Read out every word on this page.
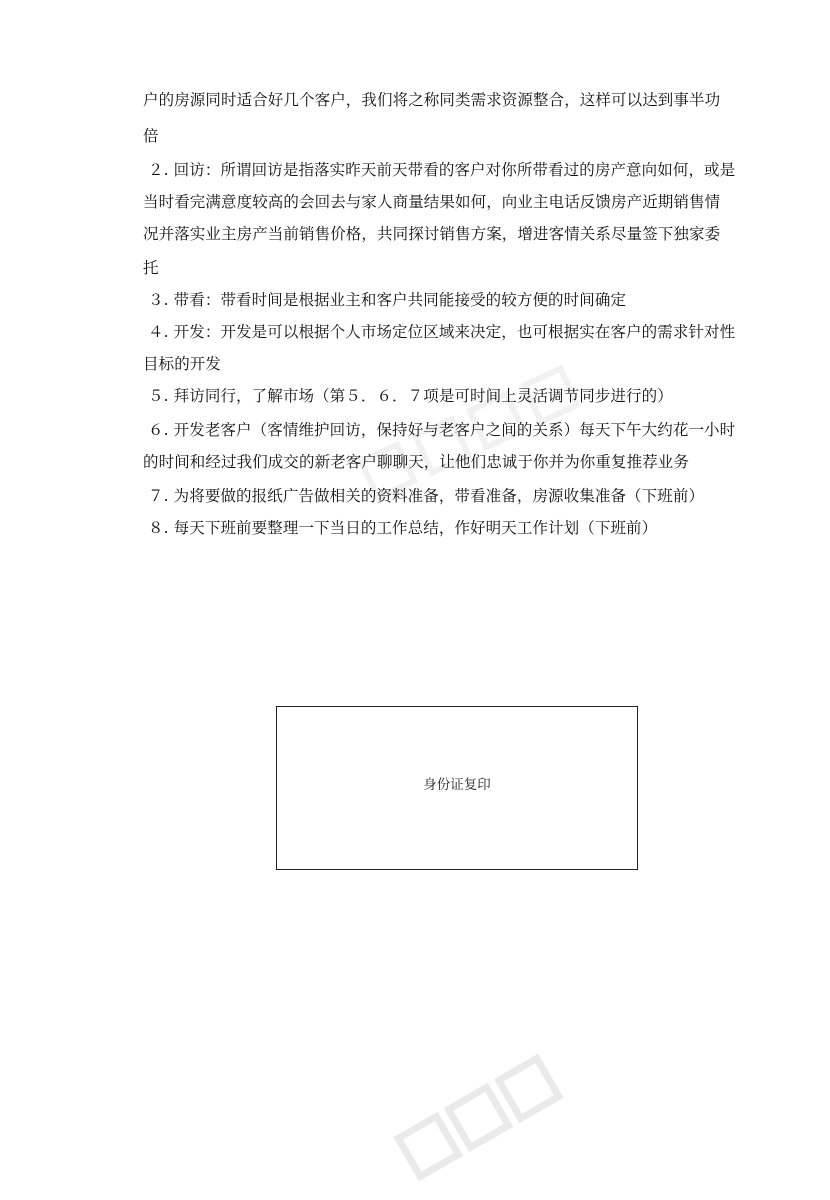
户的房源同时适合好几个客户，我们将之称同类需求资源整合，这样可以达到事半功
倍
２. 回访：所谓回访是指落实昨天前天带看的客户对你所带看过的房产意向如何，或是
当时看完满意度较高的会回去与家人商量结果如何，向业主电话反馈房产近期销售情
况并落实业主房产当前销售价格，共同探讨销售方案，增进客情关系尽量签下独家委
托
３. 带看：带看时间是根据业主和客户共同能接受的较方便的时间确定
４. 开发：开发是可以根据个人市场定位区域来决定，也可根据实在客户的需求针对性
目标的开发
５. 拜访同行，了解市场（第５．６．７项是可时间上灵活调节同步进行的）
６. 开发老客户（客情维护回访，保持好与老客户之间的关系）每天下午大约花一小时
的时间和经过我们成交的新老客户聊聊天，让他们忠诚于你并为你重复推荐业务
７. 为将要做的报纸广告做相关的资料准备，带看准备，房源收集准备（下班前）
８. 每天下班前要整理一下当日的工作总结，作好明天工作计划（下班前）
身份证复印
